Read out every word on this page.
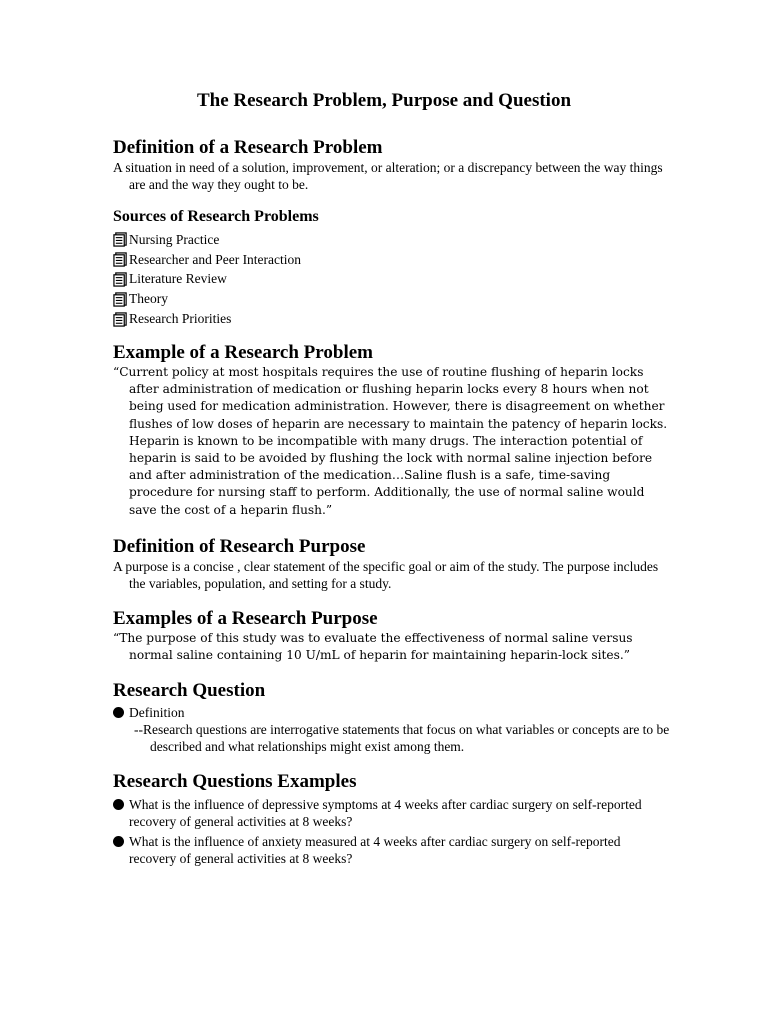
The Research Problem, Purpose and Question
Definition of a Research Problem

A situation in need of a solution, improvement, or alteration; or a discrepancy between the way things are and the way they ought to be.

Sources of Research Problems
Nursing Practice
Researcher and Peer Interaction
Literature Review
Theory
Research Priorities
Example of a Research Problem

“Current policy at most hospitals requires the use of routine flushing of heparin locks after administration of medication or flushing heparin locks every 8 hours when not being used for medication administration. However, there is disagreement on whether flushes of low doses of heparin are necessary to maintain the patency of heparin locks. Heparin is known to be incompatible with many drugs. The interaction potential of heparin is said to be avoided by flushing the lock with normal saline injection before and after administration of the medication…Saline flush is a safe, time-saving procedure for nursing staff to perform. Additionally, the use of normal saline would save the cost of a heparin flush.”

Definition of Research Purpose

A purpose is a concise , clear statement of the specific goal or aim of the study. The purpose includes the variables, population, and setting for a study.

Examples of a Research Purpose

“The purpose of this study was to evaluate the effectiveness of normal saline versus normal saline containing 10 U/mL of heparin for maintaining heparin-lock sites.”

Research Question
Definition

--Research questions are interrogative statements that focus on what variables or concepts are to be described and what relationships might exist among them.

Research Questions Examples
What is the influence of depressive symptoms at 4 weeks after cardiac surgery on self-reported recovery of general activities at 8 weeks?
What is the influence of anxiety measured at 4 weeks after cardiac surgery on self-reported recovery of general activities at 8 weeks?
